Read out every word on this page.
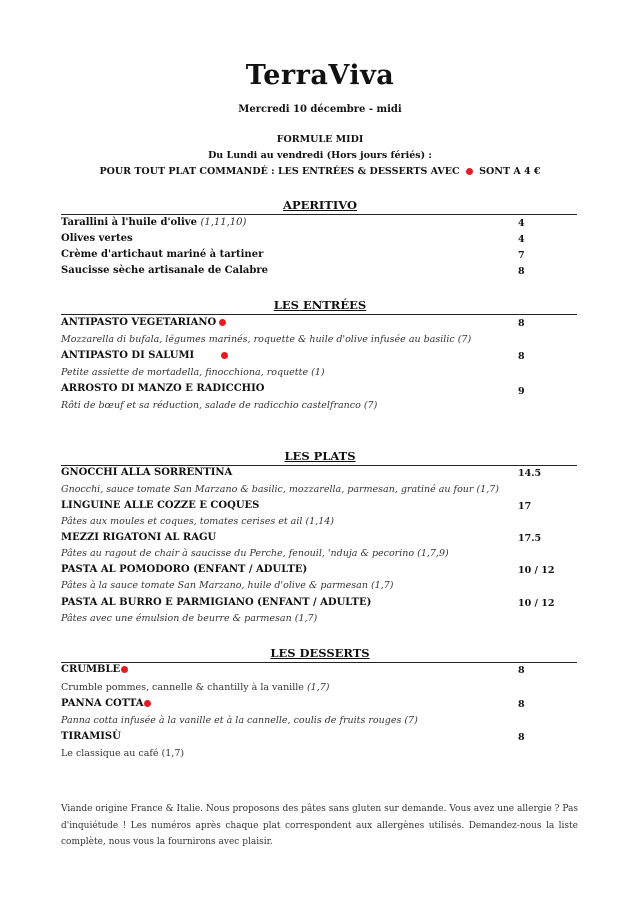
TerraViva
Mercredi 10 décembre - midi
FORMULE MIDI
Du Lundi au vendredi (Hors jours fériés) :
POUR TOUT PLAT COMMANDÉ : LES ENTRÉES & DESSERTS AVEC SONT A 4 €
APERITIVO
Tarallini à l'huile d'olive (1,11,10)	4
Olives vertes	4
Crème d'artichaut mariné à tartiner	7
Saucisse sèche artisanale de Calabre	8
LES ENTRÉES
ANTIPASTO VEGETARIANO	8
Mozzarella di bufala, légumes marinés, roquette & huile d'olive infusée au basilic (7)
ANTIPASTO DI SALUMI	8
Petite assiette de mortadella, finocchiona, roquette (1)
ARROSTO DI MANZO E RADICCHIO	9
Rôti de bœuf et sa réduction, salade de radicchio castelfranco (7)
LES PLATS
GNOCCHI ALLA SORRENTINA	14.5
Gnocchi, sauce tomate San Marzano & basilic, mozzarella, parmesan, gratiné au four (1,7)
LINGUINE ALLE COZZE E COQUES	17
Pâtes aux moules et coques, tomates cerises et ail (1,14)
MEZZI RIGATONI AL RAGU	17.5
Pâtes au ragout de chair à saucisse du Perche, fenouil, 'nduja & pecorino (1,7,9)
PASTA AL POMODORO (ENFANT / ADULTE)	10 / 12
Pâtes à la sauce tomate San Marzano, huile d'olive & parmesan (1,7)
PASTA AL BURRO E PARMIGIANO (ENFANT / ADULTE)	10 / 12
Pâtes avec une émulsion de beurre & parmesan (1,7)
LES DESSERTS
CRUMBLE	8
Crumble pommes, cannelle & chantilly à la vanille (1,7)
PANNA COTTA	8
Panna cotta infusée à la vanille et à la cannelle, coulis de fruits rouges (7)
TIRAMISÙ	8
Le classique au café (1,7)
Viande origine France & Italie. Nous proposons des pâtes sans gluten sur demande. Vous avez une allergie ? Pas d'inquiétude ! Les numéros après chaque plat correspondent aux allergènes utilisés. Demandez-nous la liste complète, nous vous la fournirons avec plaisir.
